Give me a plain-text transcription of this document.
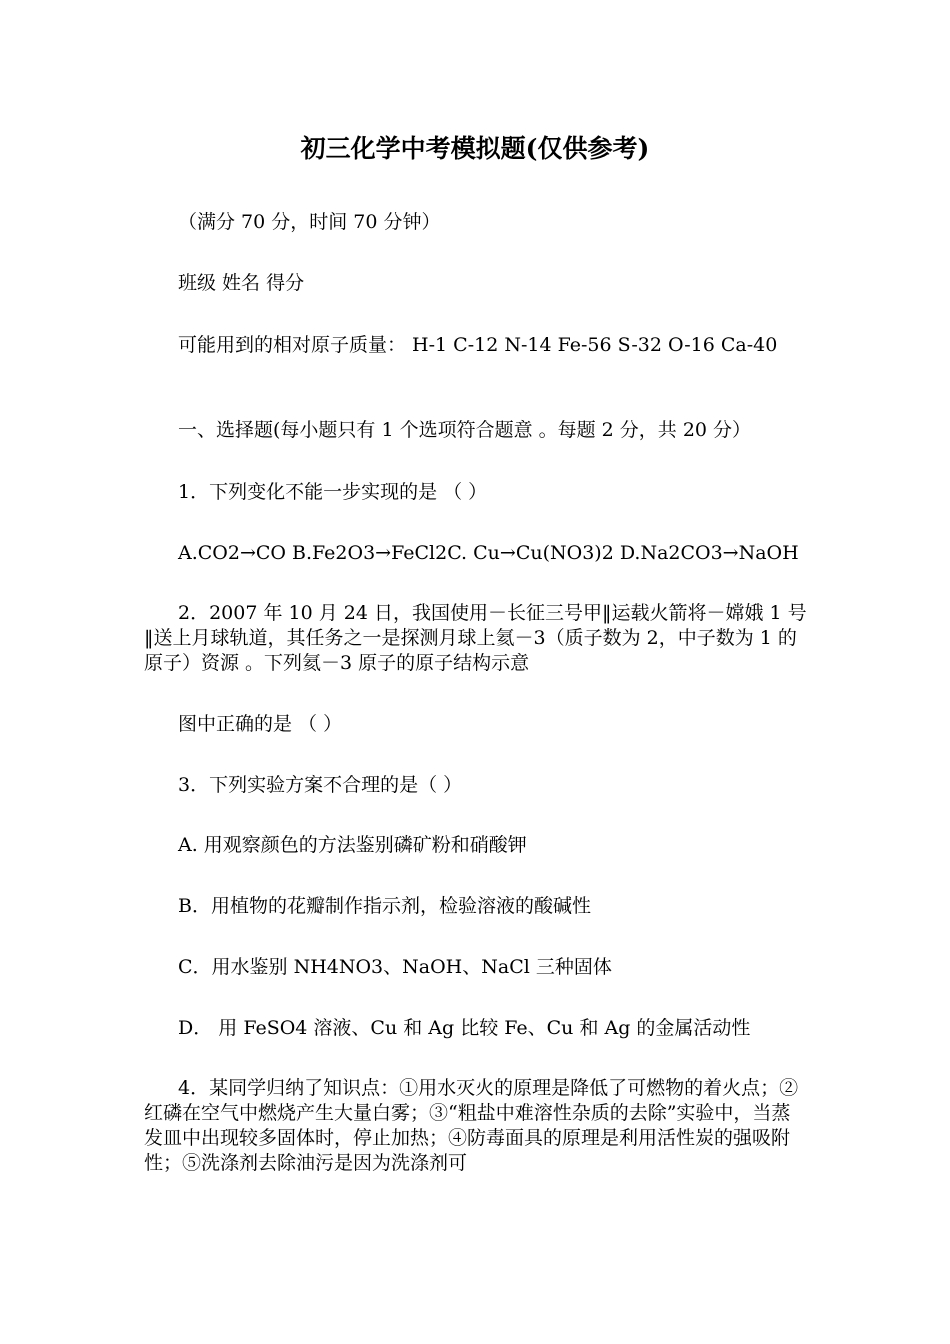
初三化学中考模拟题(仅供参考)
（满分 70 分，时间 70 分钟）
班级 姓名 得分
可能用到的相对原子质量： H-1 C-12 N-14 Fe-56 S-32 O-16 Ca-40
一、选择题(每小题只有 1 个选项符合题意 。每题 2 分，共 20 分）
1．下列变化不能一步实现的是 （ ）
A.CO2→CO B.Fe2O3→FeCl2C. Cu→Cu(NO3)2 D.Na2CO3→NaOH
2．2007 年 10 月 24 日，我国使用－长征三号甲‖运载火箭将－嫦娥 1 号‖送上月球轨道，其任务之一是探测月球上氦－3（质子数为 2，中子数为 1 的原子）资源 。下列氦－3 原子的原子结构示意
图中正确的是 （ ）
3．下列实验方案不合理的是（ ）
A. 用观察颜色的方法鉴别磷矿粉和硝酸钾
B．用植物的花瓣制作指示剂，检验溶液的酸碱性
C．用水鉴别 NH4NO3、NaOH、NaCl 三种固体
D． 用 FeSO4 溶液、Cu 和 Ag 比较 Fe、Cu 和 Ag 的金属活动性
4．某同学归纳了知识点：①用水灭火的原理是降低了可燃物的着火点；②红磷在空气中燃烧产生大量白雾；③“粗盐中难溶性杂质的去除”实验中，当蒸发皿中出现较多固体时，停止加热；④防毒面具的原理是利用活性炭的强吸附性；⑤洗涤剂去除油污是因为洗涤剂可
